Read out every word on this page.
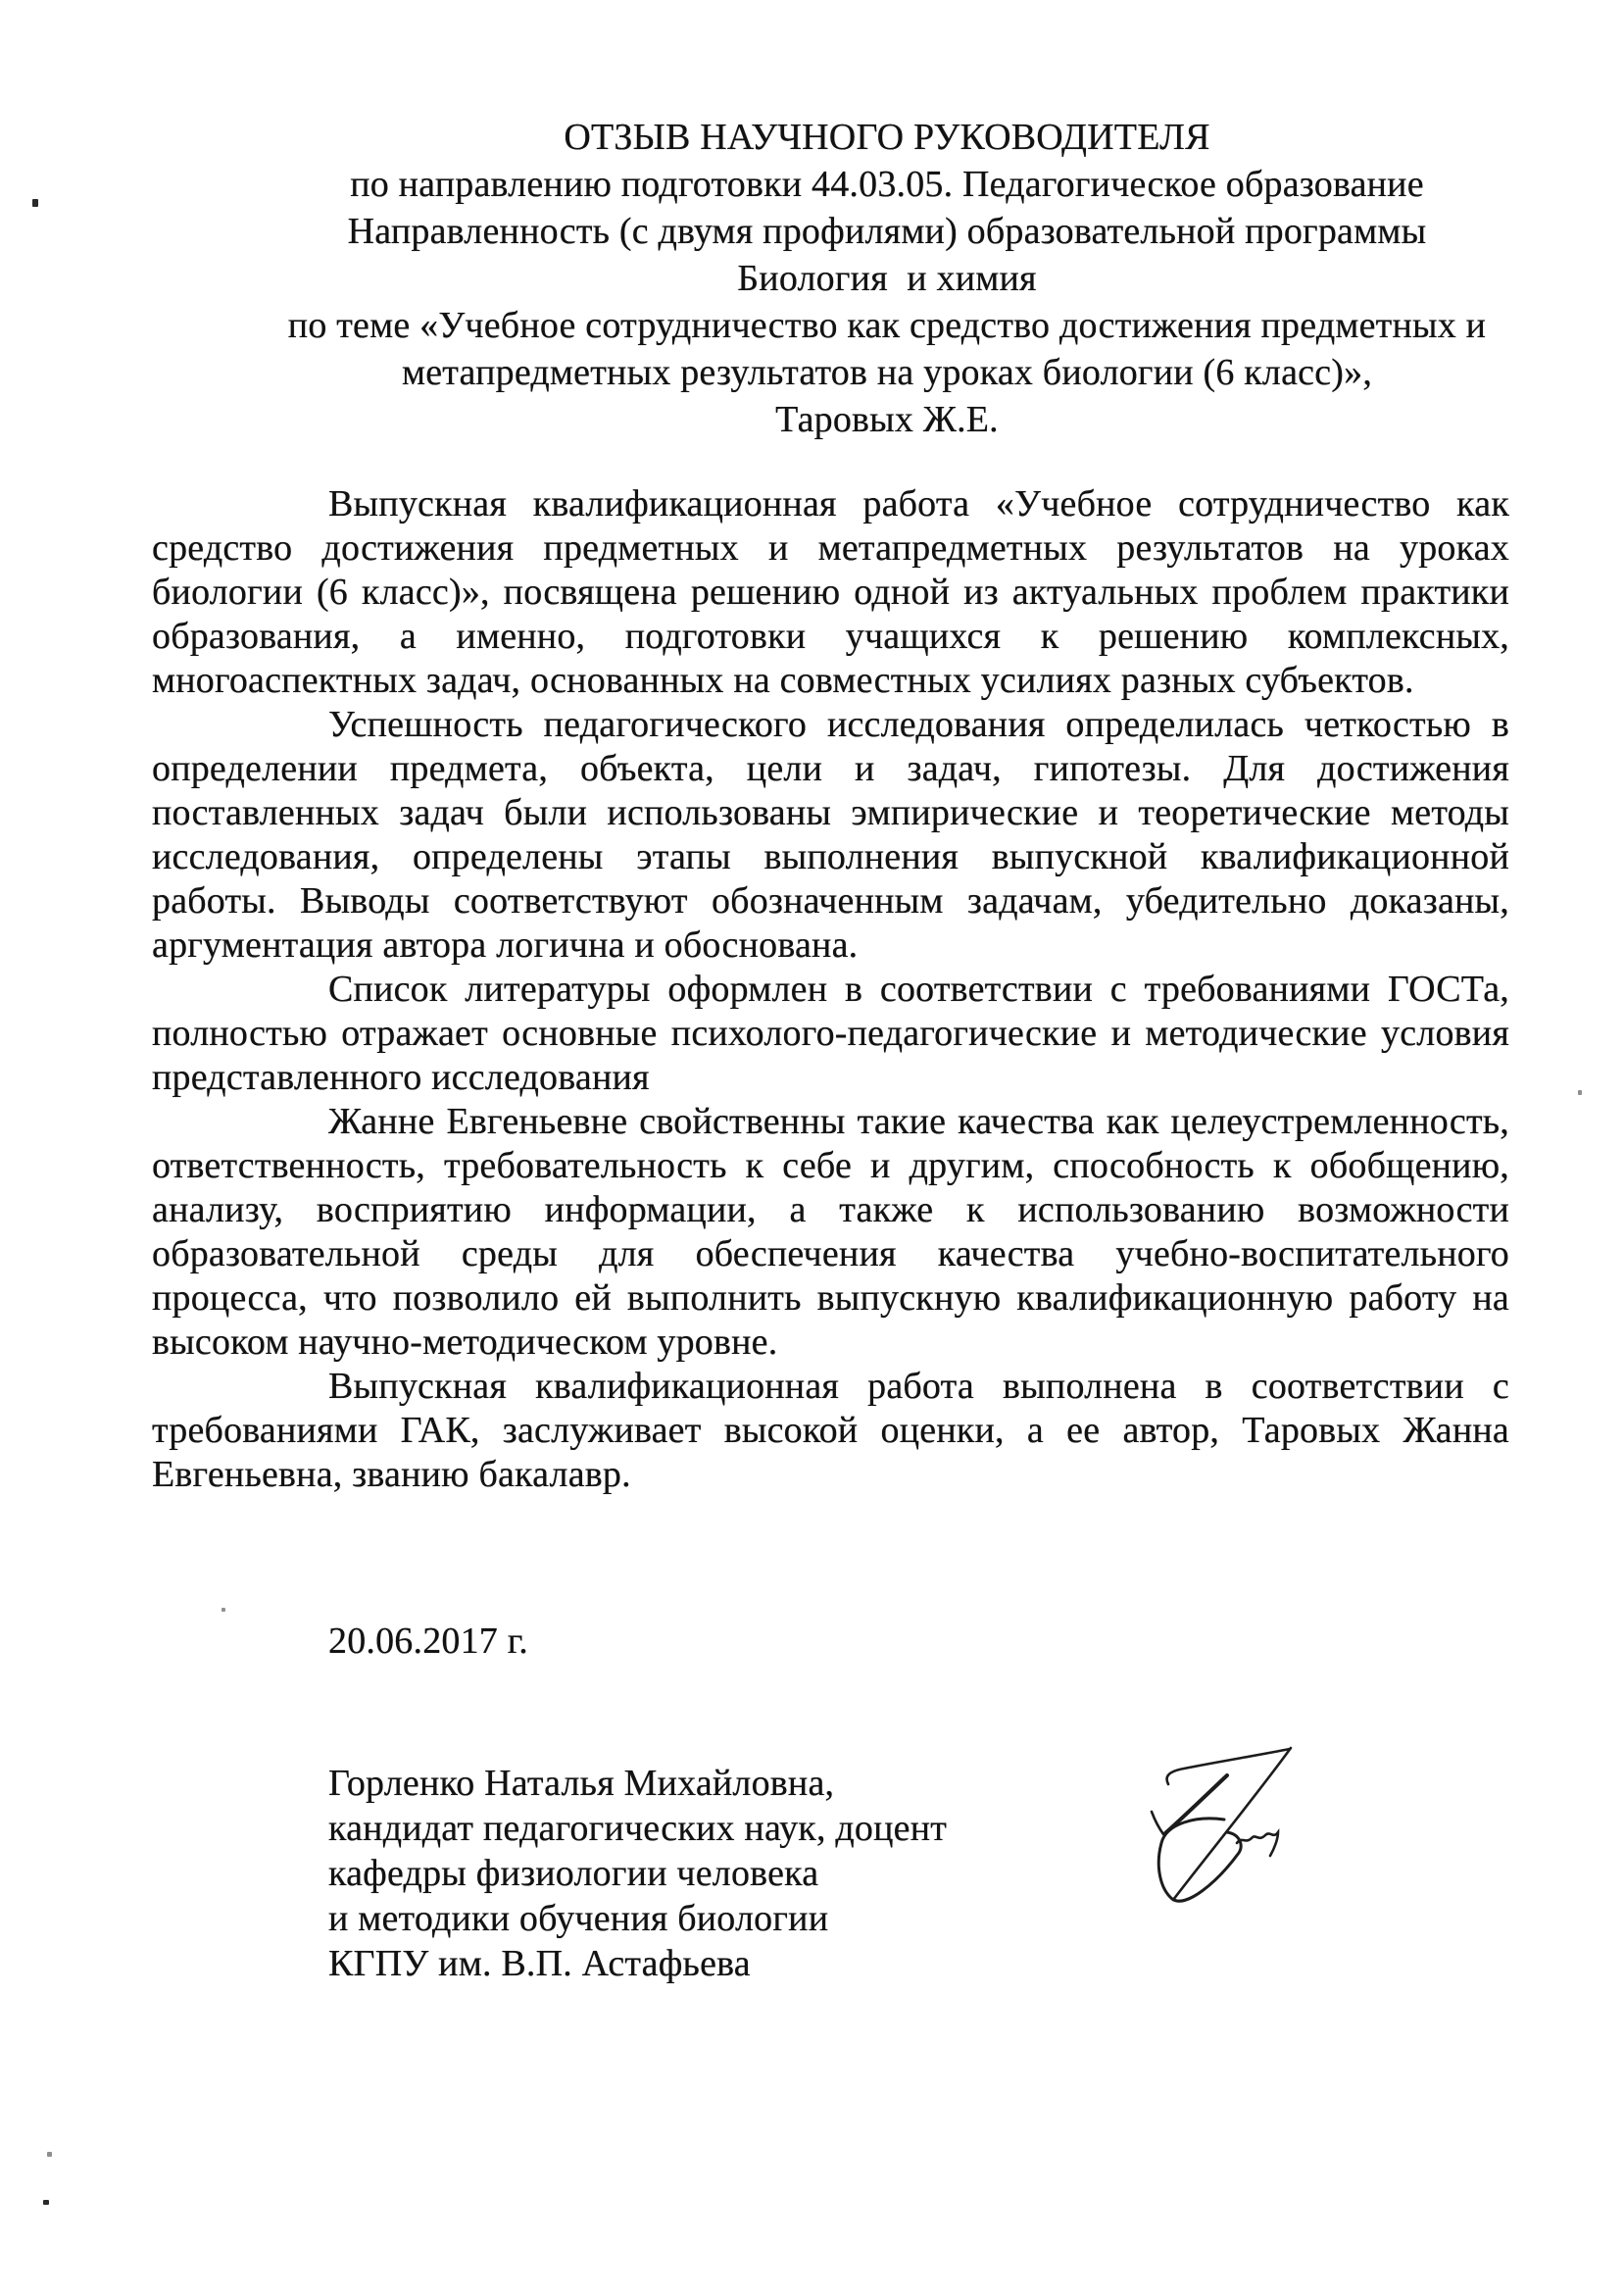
ОТЗЫВ НАУЧНОГО РУКОВОДИТЕЛЯ
по направлению подготовки 44.03.05. Педагогическое образование
Направленность (с двумя профилями) образовательной программы
Биология  и химия
по теме «Учебное сотрудничество как средство достижения предметных и
метапредметных результатов на уроках биологии (6 класс)»,
Таровых Ж.Е.

Выпускная квалификационная работа «Учебное сотрудничество как средство достижения предметных и метапредметных результатов на уроках биологии (6 класс)», посвящена решению одной из актуальных проблем практики образования, а именно, подготовки учащихся к решению комплексных, многоаспектных задач, основанных на совместных усилиях разных субъектов.

Успешность педагогического исследования определилась четкостью в определении предмета, объекта, цели и задач, гипотезы. Для достижения поставленных задач были использованы эмпирические и теоретические методы исследования, определены этапы выполнения выпускной квалификационной работы. Выводы соответствуют обозначенным задачам, убедительно доказаны, аргументация автора логична и обоснована.

Список литературы оформлен в соответствии с требованиями ГОСТа, полностью отражает основные психолого-педагогические и методические условия представленного исследования

Жанне Евгеньевне свойственны такие качества как целеустремленность, ответственность, требовательность к себе и другим, способность к обобщению, анализу, восприятию информации, а также к использованию возможности образовательной среды для обеспечения качества учебно-воспитательного процесса, что позволило ей выполнить выпускную квалификационную работу на высоком научно-методическом уровне.

Выпускная квалификационная работа выполнена в соответствии с требованиями ГАК, заслуживает высокой оценки, а ее автор, Таровых Жанна Евгеньевна, званию бакалавр.

20.06.2017 г.
Горленко Наталья Михайловна,
кандидат педагогических наук, доцент
кафедры физиологии человека
и методики обучения биологии
КГПУ им. В.П. Астафьева
